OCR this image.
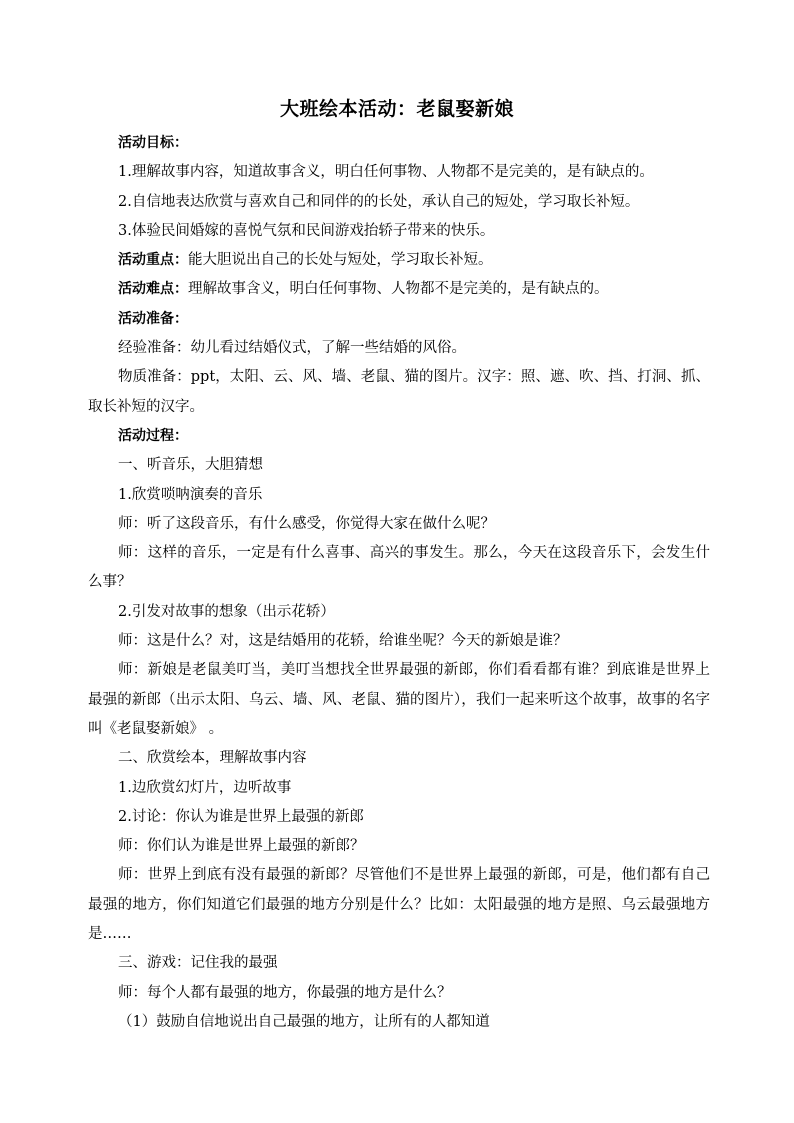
大班绘本活动：老鼠娶新娘

活动目标：

1.理解故事内容，知道故事含义，明白任何事物、人物都不是完美的，是有缺点的。

2.自信地表达欣赏与喜欢自己和同伴的的长处，承认自己的短处，学习取长补短。

3.体验民间婚嫁的喜悦气氛和民间游戏抬轿子带来的快乐。

活动重点：能大胆说出自己的长处与短处，学习取长补短。

活动难点：理解故事含义，明白任何事物、人物都不是完美的，是有缺点的。

活动准备：

经验准备：幼儿看过结婚仪式，了解一些结婚的风俗。

物质准备：ppt，太阳、云、风、墙、老鼠、猫的图片。汉字：照、遮、吹、挡、打洞、抓、取长补短的汉字。

活动过程：

一、听音乐，大胆猜想

1.欣赏唢呐演奏的音乐

师：听了这段音乐，有什么感受，你觉得大家在做什么呢？

师：这样的音乐，一定是有什么喜事、高兴的事发生。那么，今天在这段音乐下，会发生什么事？

2.引发对故事的想象（出示花轿）

师：这是什么？对，这是结婚用的花轿，给谁坐呢？今天的新娘是谁？

师：新娘是老鼠美叮当，美叮当想找全世界最强的新郎，你们看看都有谁？到底谁是世界上最强的新郎（出示太阳、乌云、墙、风、老鼠、猫的图片），我们一起来听这个故事，故事的名字叫《老鼠娶新娘》 。

二、欣赏绘本，理解故事内容

1.边欣赏幻灯片，边听故事

2.讨论：你认为谁是世界上最强的新郎

师：你们认为谁是世界上最强的新郎？

师：世界上到底有没有最强的新郎？尽管他们不是世界上最强的新郎，可是，他们都有自己最强的地方，你们知道它们最强的地方分别是什么？比如：太阳最强的地方是照、乌云最强地方是……

三、游戏：记住我的最强

师：每个人都有最强的地方，你最强的地方是什么？

（1）鼓励自信地说出自己最强的地方，让所有的人都知道
